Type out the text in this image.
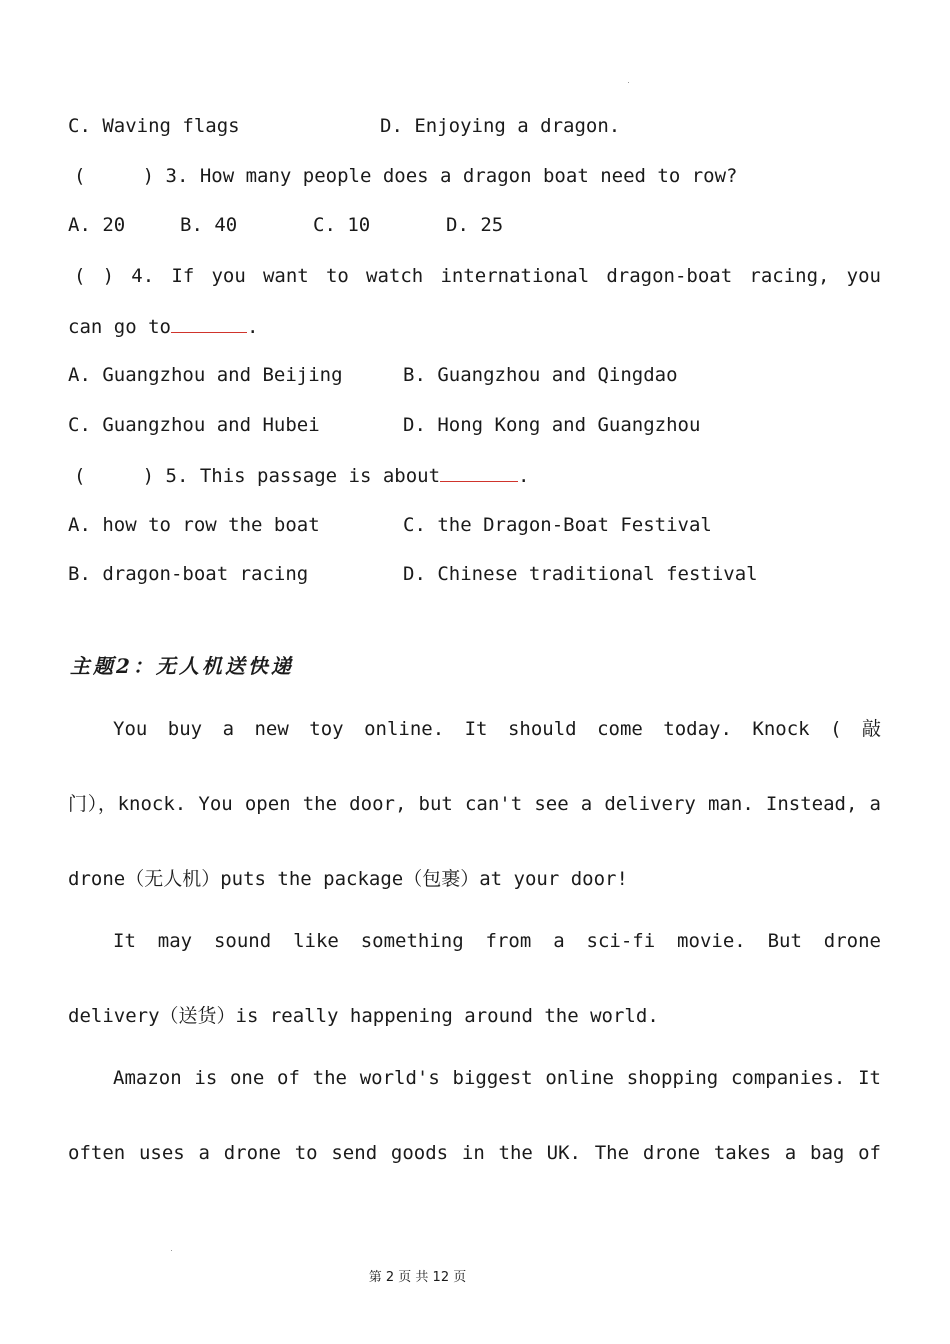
C. Waving flags	D. Enjoying a dragon.
(     ) 3. How many people does a dragon boat need to row?
A. 20	B. 40	C. 10	D. 25
( ) 4. If you want to watch international dragon-boat racing, you
can go to	.
A. Guangzhou and Beijing	B. Guangzhou and Qingdao
C. Guangzhou and Hubei	D. Hong Kong and Guangzhou
(     ) 5. This passage is about	.
A. how to row the boat	C. the Dragon-Boat Festival
B. dragon-boat racing	D. Chinese traditional festival
主题2：无人机送快递
You buy a new toy online. It should come today. Knock ( 敲
门），knock. You open the door, but can't see a delivery man. Instead, a
drone（无人机）puts the package（包裹）at your door!
It may sound like something from a sci-fi movie. But drone
delivery（送货）is really happening around the world.
Amazon is one of the world's biggest online shopping companies. It
often uses a drone to send goods in the UK. The drone takes a bag of
第 2 页 共 12 页
